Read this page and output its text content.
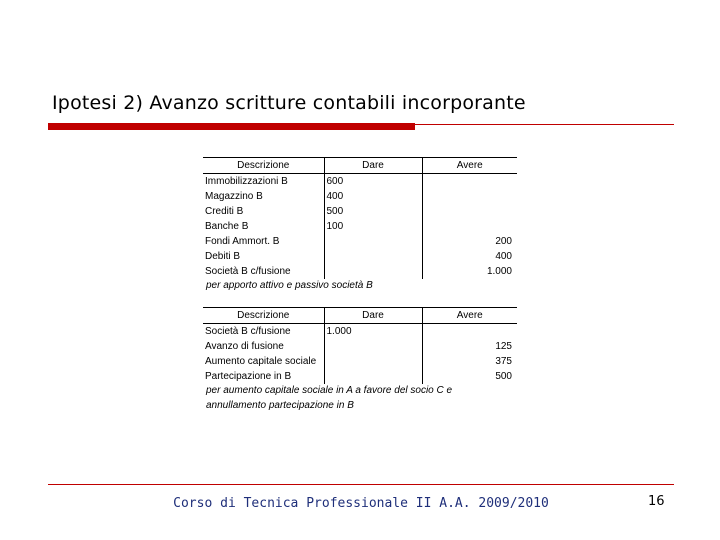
Ipotesi 2) Avanzo scritture contabili incorporante
Descrizione	Dare	Avere
Immobilizzazioni B	600	
Magazzino B	400	
Crediti B	500	
Banche B	100	
Fondi Ammort. B		200
Debiti B		400
Società B c/fusione		1.000
per apporto attivo e passivo società B
Descrizione	Dare	Avere
Società B c/fusione	1.000	
Avanzo di fusione		125
Aumento capitale sociale		375
Partecipazione in B		500
per aumento capitale sociale in A a favore del socio C e
annullamento partecipazione in B
Corso di Tecnica Professionale II A.A. 2009/2010	16
